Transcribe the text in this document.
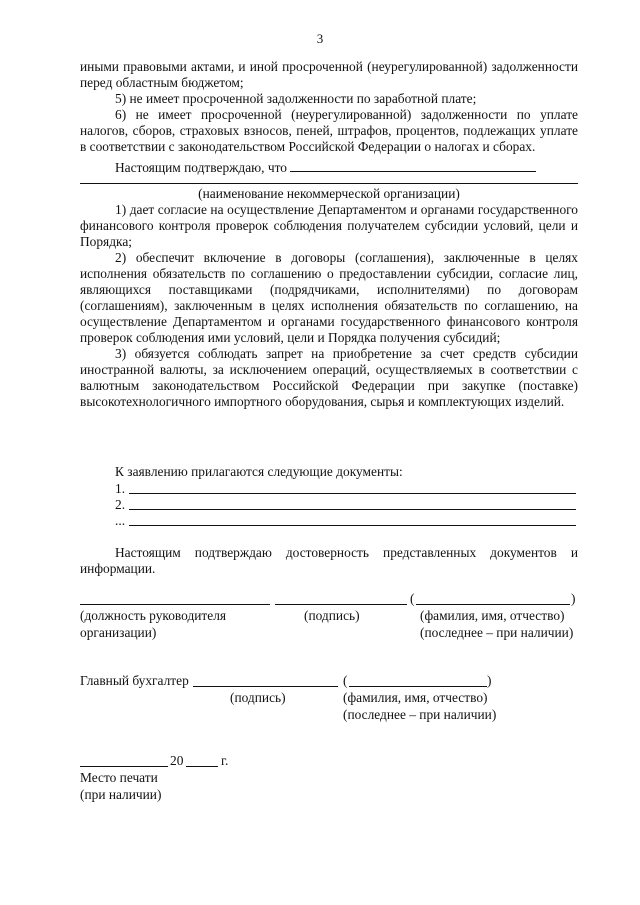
3

иными правовыми актами, и иной просроченной (неурегулированной) задолженности перед областным бюджетом;

5) не имеет просроченной задолженности по заработной плате;

6) не имеет просроченной (неурегулированной) задолженности по уплате налогов, сборов, страховых взносов, пеней, штрафов, процентов, подлежащих уплате в соответствии с законодательством Российской Федерации о налогах и сборах.

Настоящим подтверждаю, что

(наименование некоммерческой организации)

1) дает согласие на осуществление Департаментом и органами государственного финансового контроля проверок соблюдения получателем субсидии условий, цели и Порядка;

2) обеспечит включение в договоры (соглашения), заключенные в целях исполнения обязательств по соглашению о предоставлении субсидии, согласие лиц, являющихся поставщиками (подрядчиками, исполнителями) по договорам (соглашениям), заключенным в целях исполнения обязательств по соглашению, на осуществление Департаментом и органами государственного финансового контроля проверок соблюдения ими условий, цели и Порядка получения субсидий;

3) обязуется соблюдать запрет на приобретение за счет средств субсидии иностранной валюты, за исключением операций, осуществляемых в соответствии с валютным законодательством Российской Федерации при закупке (поставке) высокотехнологичного импортного оборудования, сырья и комплектующих изделий.

К заявлению прилагаются следующие документы:
1.
2.
...

Настоящим подтверждаю достоверность представленных документов и информации.

(	)
(должность руководителя
организации)
(подпись)	(фамилия, имя, отчество)
(последнее – при наличии)
Главный бухгалтер	(	)
(подпись)	(фамилия, имя, отчество)
(последнее – при наличии)
20	г.
Место печати
(при наличии)
